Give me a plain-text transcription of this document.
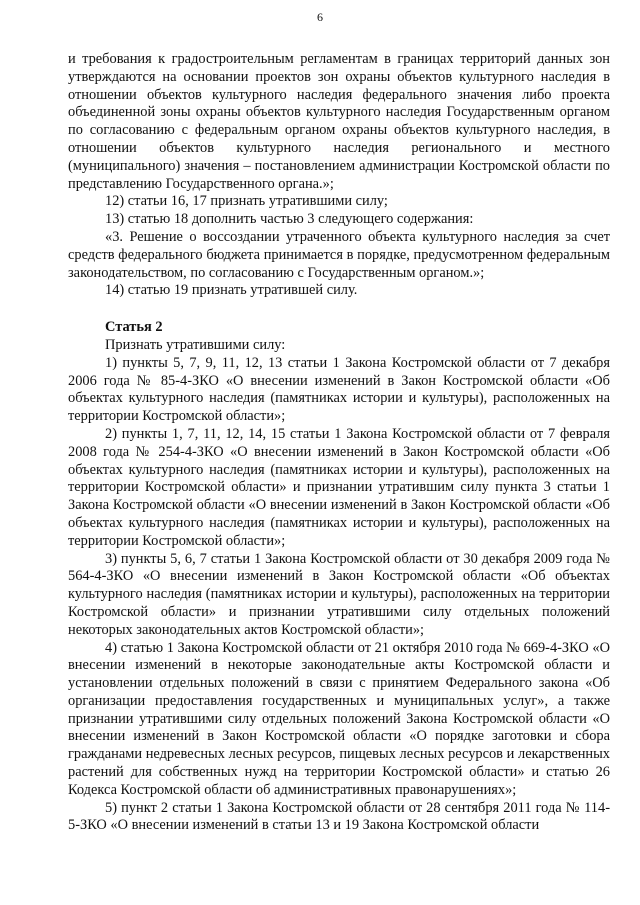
6

и требования к градостроительным регламентам в границах территорий данных зон утверждаются на основании проектов зон охраны объектов культурного наследия в отношении объектов культурного наследия федерального значения либо проекта объединенной зоны охраны объектов культурного наследия Государственным органом по согласованию с федеральным органом охраны объектов культурного наследия, в отношении объектов культурного наследия регионального и местного (муниципального) значения – постановлением администрации Костромской области по представлению Государственного органа.»;

12) статьи 16, 17 признать утратившими силу;

13) статью 18 дополнить частью 3 следующего содержания:

«3. Решение о воссоздании утраченного объекта культурного наследия за счет средств федерального бюджета принимается в порядке, предусмотренном федеральным законодательством, по согласованию с Государственным органом.»;

14) статью 19 признать утратившей силу.

Статья 2

Признать утратившими силу:

1) пункты 5, 7, 9, 11, 12, 13 статьи 1 Закона Костромской области от 7 декабря 2006 года № 85-4-ЗКО «О внесении изменений в Закон Костромской области «Об объектах культурного наследия (памятниках истории и культуры), расположенных на территории Костромской области»;

2) пункты 1, 7, 11, 12, 14, 15 статьи 1 Закона Костромской области от 7 февраля 2008 года № 254-4-ЗКО «О внесении изменений в Закон Костромской области «Об объектах культурного наследия (памятниках истории и культуры), расположенных на территории Костромской области» и признании утратившим силу пункта 3 статьи 1 Закона Костромской области «О внесении изменений в Закон Костромской области «Об объектах культурного наследия (памятниках истории и культуры), расположенных на территории Костромской области»;

3) пункты 5, 6, 7 статьи 1 Закона Костромской области от 30 декабря 2009 года № 564-4-ЗКО «О внесении изменений в Закон Костромской области «Об объектах культурного наследия (памятниках истории и культуры), расположенных на территории Костромской области» и признании утратившими силу отдельных положений некоторых законодательных актов Костромской области»;

4) статью 1 Закона Костромской области от 21 октября 2010 года № 669-4-ЗКО «О внесении изменений в некоторые законодательные акты Костромской области и установлении отдельных положений в связи с принятием Федерального закона «Об организации предоставления государственных и муниципальных услуг», а также признании утратившими силу отдельных положений Закона Костромской области «О внесении изменений в Закон Костромской области «О порядке заготовки и сбора гражданами недревесных лесных ресурсов, пищевых лесных ресурсов и лекарственных растений для собственных нужд на территории Костромской области» и статью 26 Кодекса Костромской области об административных правонарушениях»;

5) пункт 2 статьи 1 Закона Костромской области от 28 сентября 2011 года № 114-5-ЗКО «О внесении изменений в статьи 13 и 19 Закона Костромской области
